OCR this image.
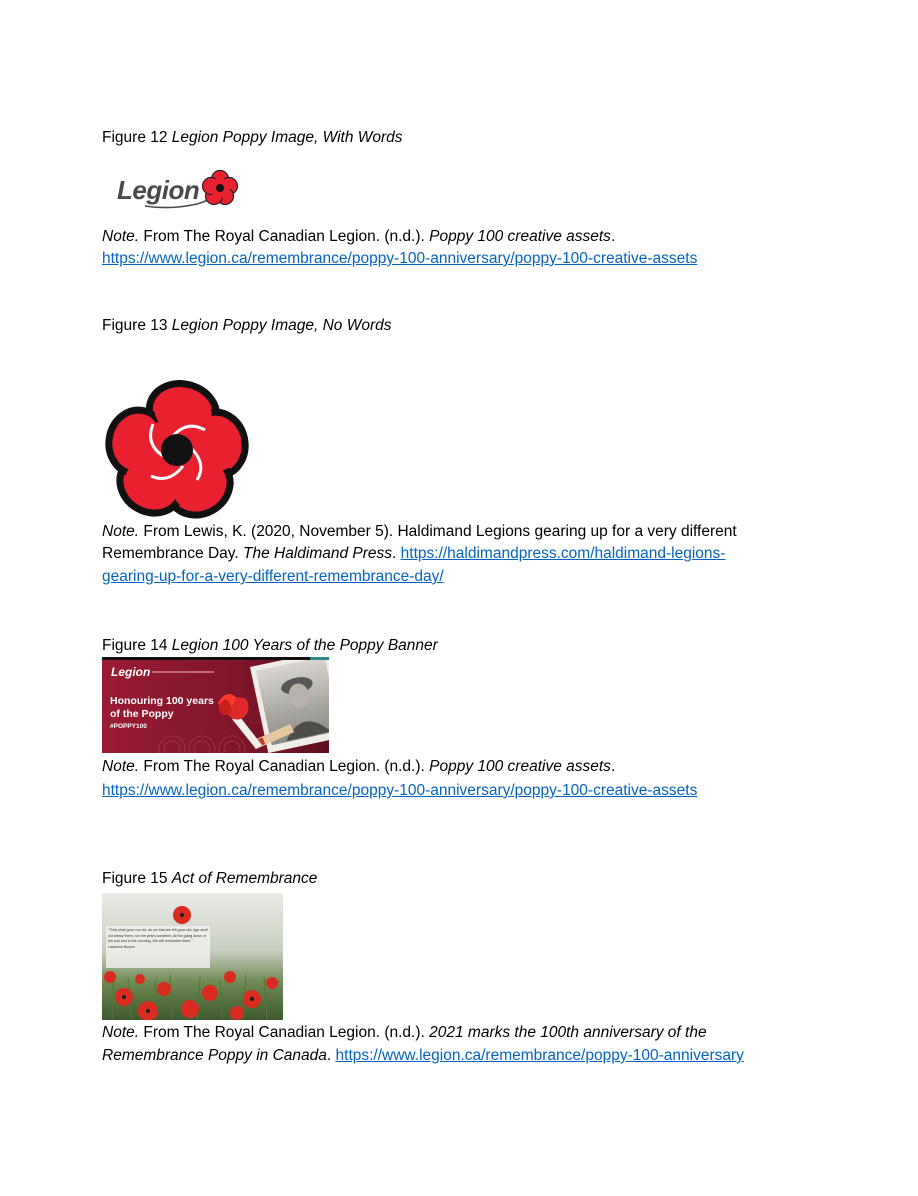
Figure 12 Legion Poppy Image, With Words
Legion
Note. From The Royal Canadian Legion. (n.d.). Poppy 100 creative assets.
https://www.legion.ca/remembrance/poppy-100-anniversary/poppy-100-creative-assets
Figure 13 Legion Poppy Image, No Words
Note. From Lewis, K. (2020, November 5). Haldimand Legions gearing up for a very different
Remembrance Day. The Haldimand Press. https://haldimandpress.com/haldimand-legions-
gearing-up-for-a-very-different-remembrance-day/
Figure 14 Legion 100 Years of the Poppy Banner
Legion
Honouring 100 years
of the Poppy
#POPPY100
Note. From The Royal Canadian Legion. (n.d.). Poppy 100 creative assets.
https://www.legion.ca/remembrance/poppy-100-anniversary/poppy-100-creative-assets
Figure 15 Act of Remembrance
"They shall grow not old, as we that are left grow old; Age shall not weary them, nor the years condemn. At the going down of the sun and in the morning, We will remember them." - Laurence Binyon
Note. From The Royal Canadian Legion. (n.d.). 2021 marks the 100th anniversary of the
Remembrance Poppy in Canada. https://www.legion.ca/remembrance/poppy-100-anniversary
